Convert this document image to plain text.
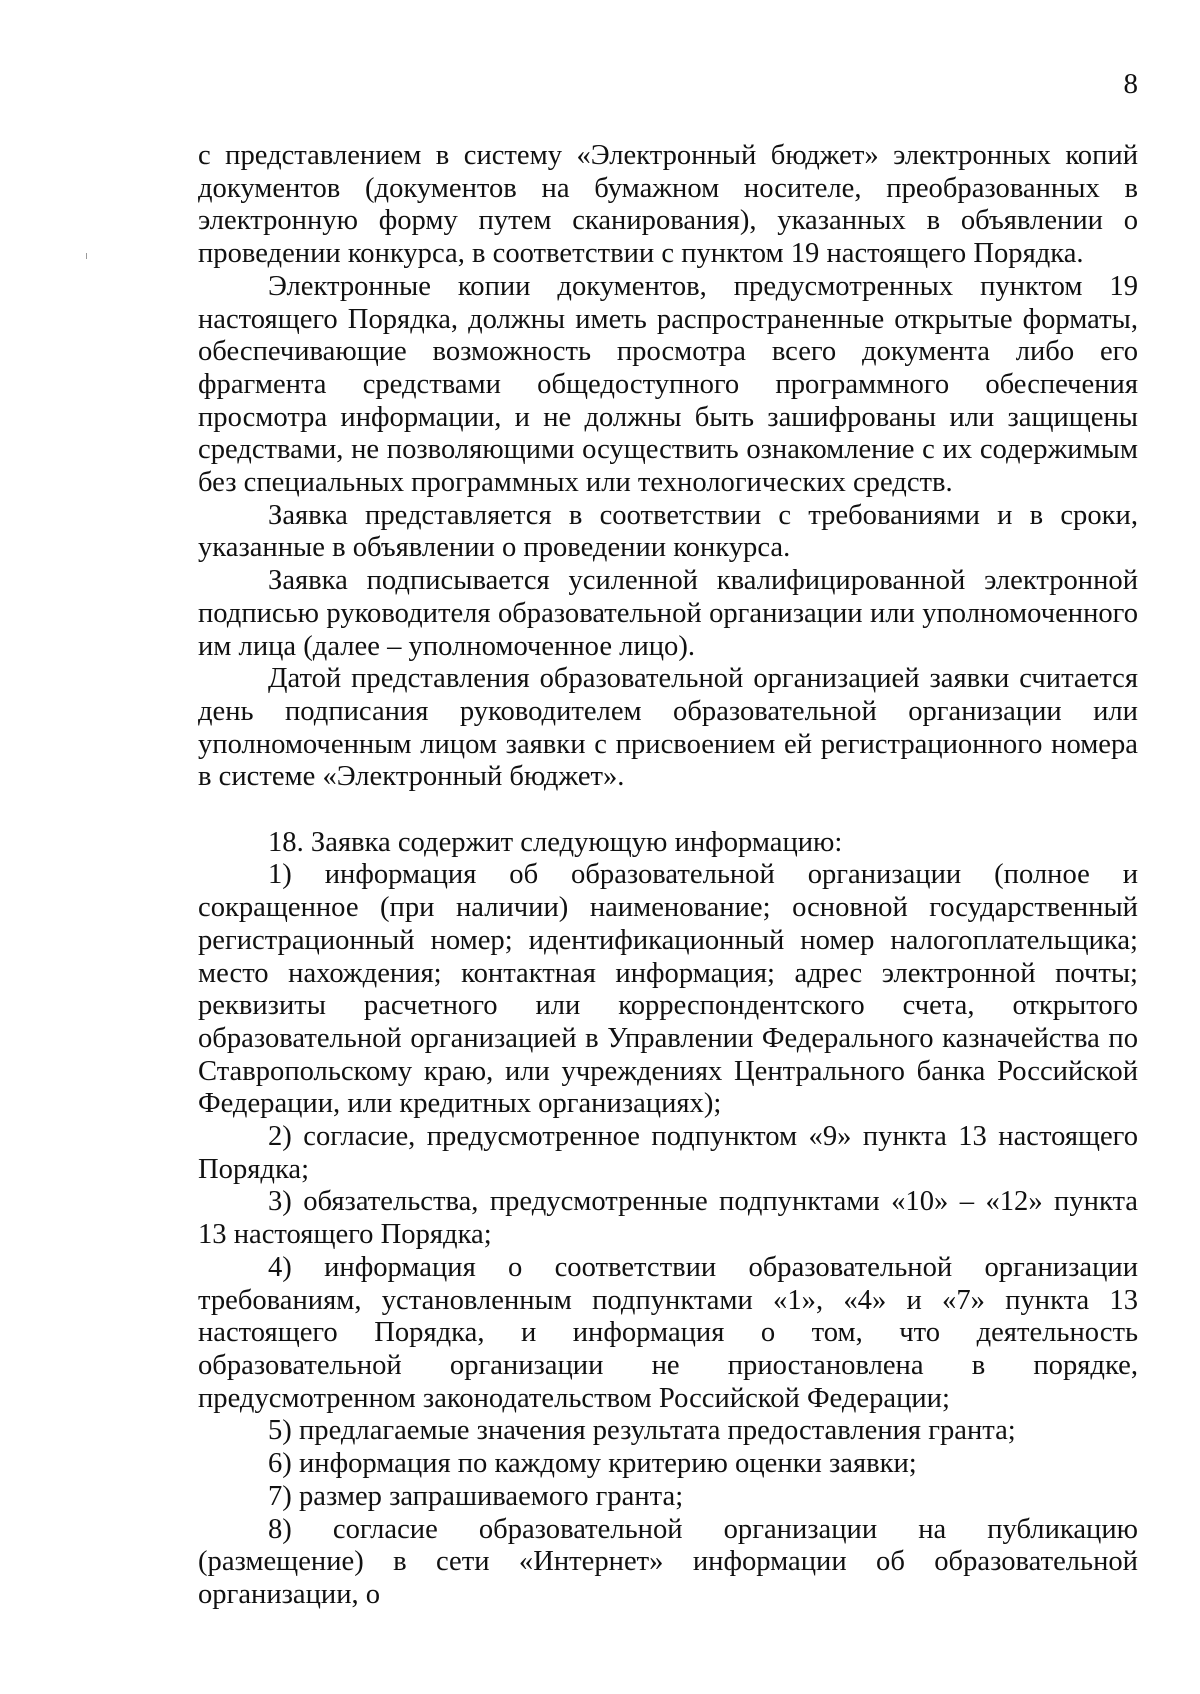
8

с представлением в систему «Электронный бюджет» электронных копий документов (документов на бумажном носителе, преобразованных в электронную форму путем сканирования), указанных в объявлении о проведении конкурса, в соответствии с пунктом 19 настоящего Порядка.

Электронные копии документов, предусмотренных пунктом 19 настоящего Порядка, должны иметь распространенные открытые форматы, обеспечивающие возможность просмотра всего документа либо его фрагмента средствами общедоступного программного обеспечения просмотра информации, и не должны быть зашифрованы или защищены средствами, не позволяющими осуществить ознакомление с их содержимым без специальных программных или технологических средств.

Заявка представляется в соответствии с требованиями и в сроки, указанные в объявлении о проведении конкурса.

Заявка подписывается усиленной квалифицированной электронной подписью руководителя образовательной организации или уполномоченного им лица (далее – уполномоченное лицо).

Датой представления образовательной организацией заявки считается день подписания руководителем образовательной организации или уполномоченным лицом заявки с присвоением ей регистрационного номера в системе «Электронный бюджет».

18. Заявка содержит следующую информацию:

1) информация об образовательной организации (полное и сокращенное (при наличии) наименование; основной государственный регистрационный номер; идентификационный номер налогоплательщика; место нахождения; контактная информация; адрес электронной почты; реквизиты расчетного или корреспондентского счета, открытого образовательной организацией в Управлении Федерального казначейства по Ставропольскому краю, или учреждениях Центрального банка Российской Федерации, или кредитных организациях);

2) согласие, предусмотренное подпунктом «9» пункта 13 настоящего Порядка;

3) обязательства, предусмотренные подпунктами «10» – «12» пункта 13 настоящего Порядка;

4) информация о соответствии образовательной организации требованиям, установленным подпунктами «1», «4» и «7» пункта 13 настоящего Порядка, и информация о том, что деятельность образовательной организации не приостановлена в порядке, предусмотренном законодательством Российской Федерации;

5) предлагаемые значения результата предоставления гранта;

6) информация по каждому критерию оценки заявки;

7) размер запрашиваемого гранта;

8) согласие образовательной организации на публикацию (размещение) в сети «Интернет» информации об образовательной организации, о
